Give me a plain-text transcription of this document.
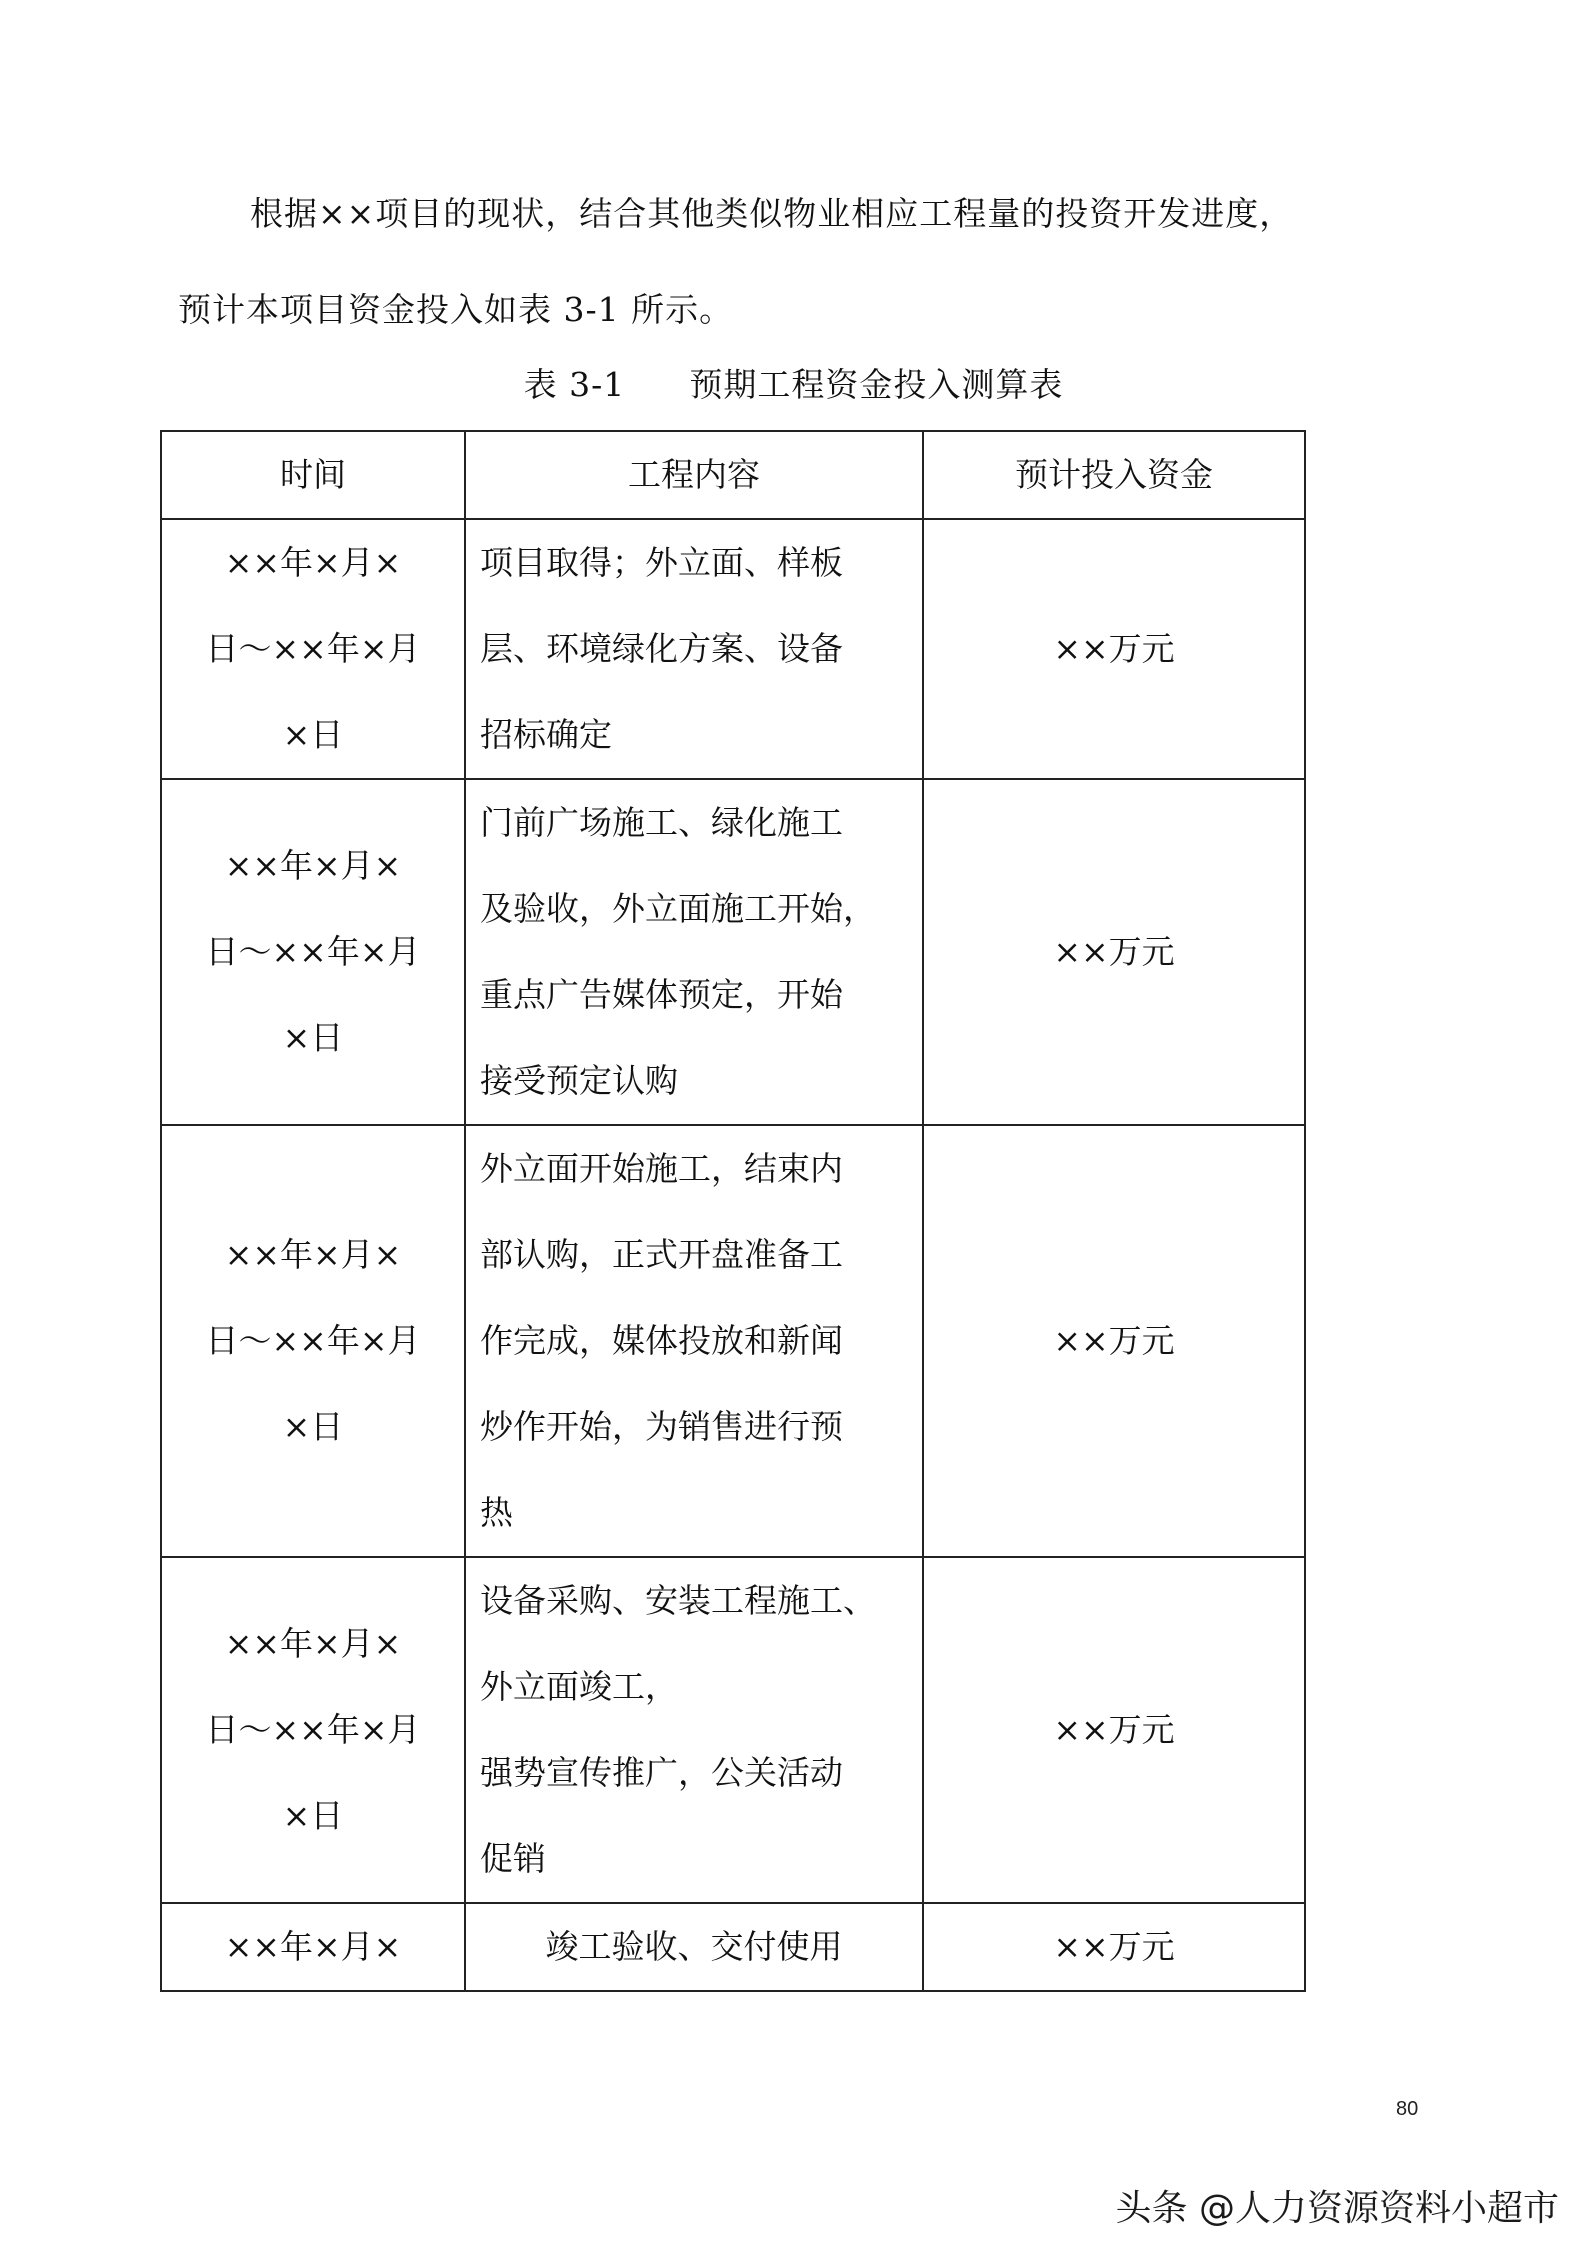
根据××项目的现状，结合其他类似物业相应工程量的投资开发进度，
预计本项目资金投入如表 3-1 所示。
表 3-1 预期工程资金投入测算表
时间	工程内容	预计投入资金

××年×月×
日～××年×月
×日	项目取得；外立面、样板
层、环境绿化方案、设备
招标确定	××万元

××年×月×
日～××年×月
×日	门前广场施工、绿化施工
及验收，外立面施工开始，
重点广告媒体预定，开始
接受预定认购	××万元

××年×月×
日～××年×月
×日	外立面开始施工，结束内
部认购，正式开盘准备工
作完成，媒体投放和新闻
炒作开始，为销售进行预
热	××万元

××年×月×
日～××年×月
×日	设备采购、安装工程施工、
外立面竣工，
强势宣传推广，公关活动
促销	××万元

××年×月×	竣工验收、交付使用	××万元
80
头条 @人力资源资料小超市
